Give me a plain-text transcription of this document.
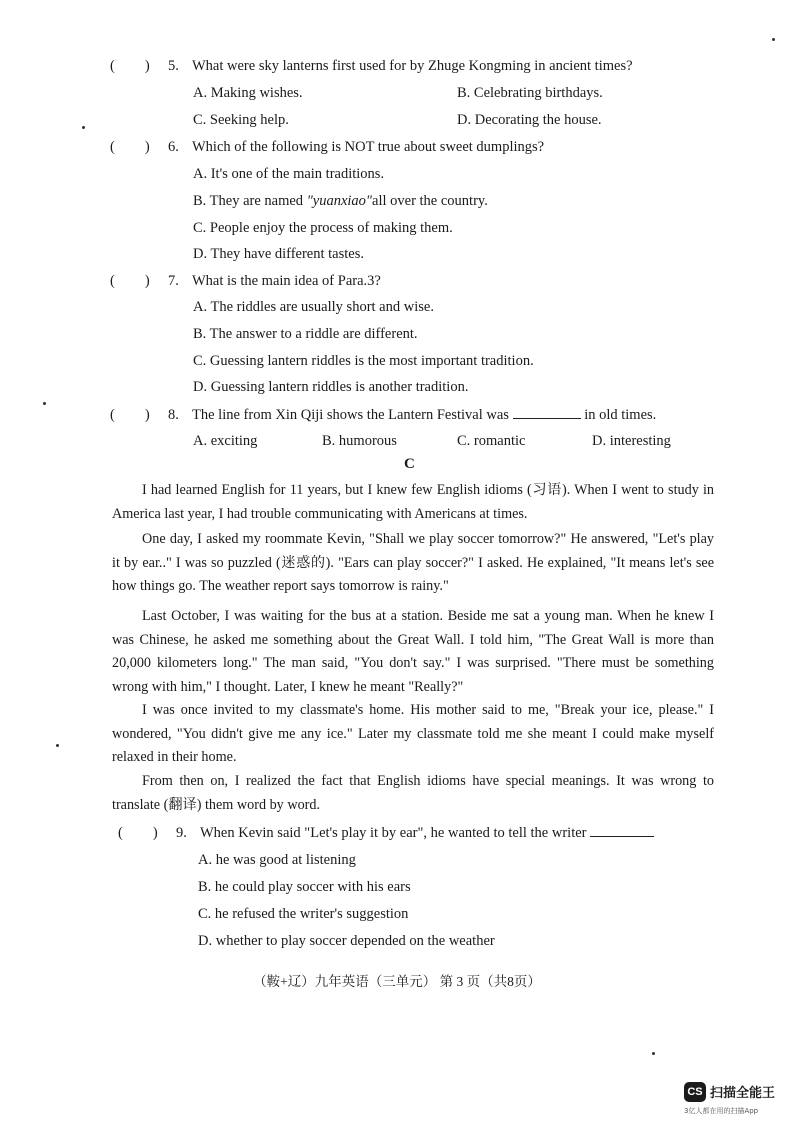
( ) 5. What were sky lanterns first used for by Zhuge Kongming in ancient times?
A. Making wishes.	B. Celebrating birthdays.
C. Seeking help.	D. Decorating the house.
( ) 6. Which of the following is NOT true about sweet dumplings?
A. It's one of the main traditions.
B. They are named "yuanxiao"all over the country.
C. People enjoy the process of making them.
D. They have different tastes.
( ) 7. What is the main idea of Para.3?
A. The riddles are usually short and wise.
B. The answer to a riddle are different.
C. Guessing lantern riddles is the most important tradition.
D. Guessing lantern riddles is another tradition.
( ) 8. The line from Xin Qiji shows the Lantern Festival was	in old times.
A. exciting	B. humorous	C. romantic	D. interesting
C
I had learned English for 11 years, but I knew few English idioms (习语). When I went to study in America last year, I had trouble communicating with Americans at times.
One day, I asked my roommate Kevin, "Shall we play soccer tomorrow?" He answered, "Let's play it by ear.." I was so puzzled (迷惑的). "Ears can play soccer?" I asked. He explained, "It means let's see how things go. The weather report says tomorrow is rainy."
Last October, I was waiting for the bus at a station. Beside me sat a young man. When he knew I was Chinese, he asked me something about the Great Wall. I told him, "The Great Wall is more than 20,000 kilometers long." The man said, "You don't say." I was surprised. "There must be something wrong with him," I thought. Later, I knew he meant "Really?"
I was once invited to my classmate's home. His mother said to me, "Break your ice, please." I wondered, "You didn't give me any ice." Later my classmate told me she meant I could make myself relaxed in their home.
From then on, I realized the fact that English idioms have special meanings. It was wrong to translate (翻译) them word by word.
( ) 9. When Kevin said "Let's play it by ear", he wanted to tell the writer
A. he was good at listening
B. he could play soccer with his ears
C. he refused the writer's suggestion
D. whether to play soccer depended on the weather
（鞍+辽）九年英语（三单元） 第 3 页（共8页）
CS 扫描全能王
3亿人都在用的扫描App
